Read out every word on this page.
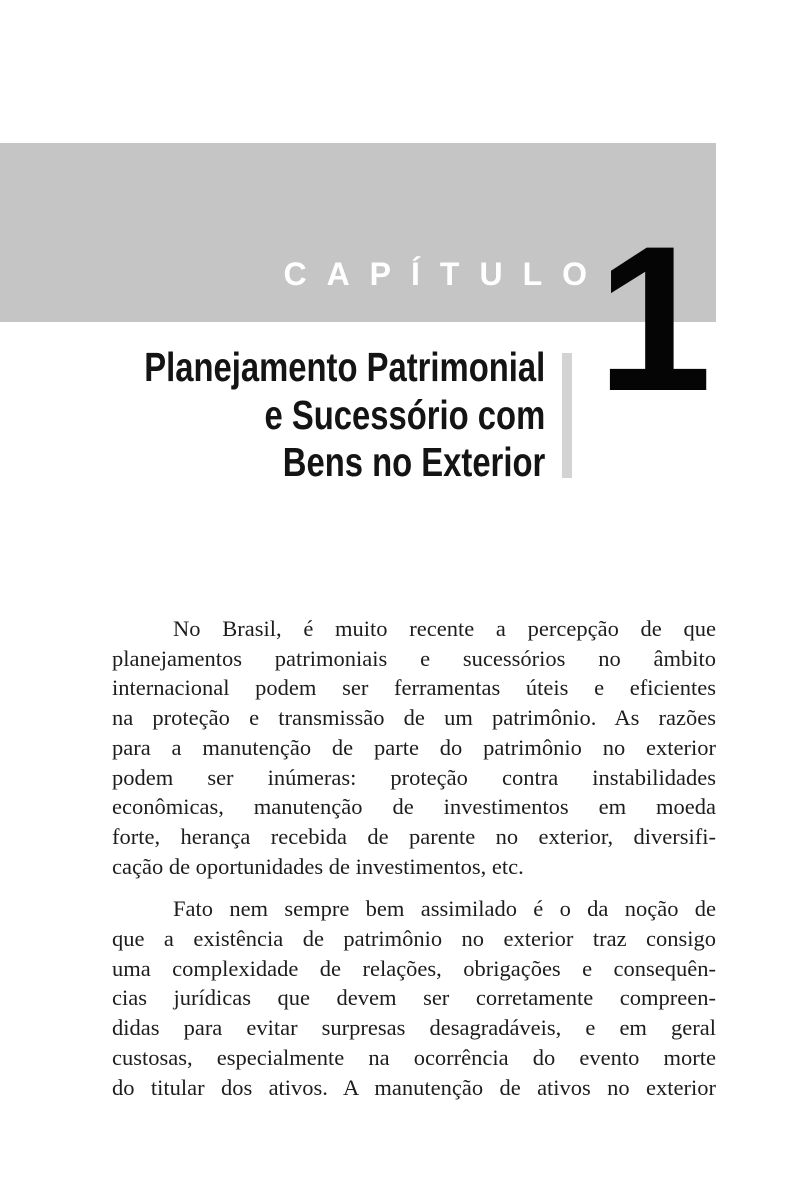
CAPÍTULO
1
Planejamento Patrimonial
e Sucessório com
Bens no Exterior
No Brasil, é muito recente a percepção de que
planejamentos patrimoniais e sucessórios no âmbito
internacional podem ser ferramentas úteis e eficientes
na proteção e transmissão de um patrimônio. As razões
para a manutenção de parte do patrimônio no exterior
podem ser inúmeras: proteção contra instabilidades
econômicas, manutenção de investimentos em moeda
forte, herança recebida de parente no exterior, diversifi-
cação de oportunidades de investimentos, etc.
Fato nem sempre bem assimilado é o da noção de
que a existência de patrimônio no exterior traz consigo
uma complexidade de relações, obrigações e consequên-
cias jurídicas que devem ser corretamente compreen-
didas para evitar surpresas desagradáveis, e em geral
custosas, especialmente na ocorrência do evento morte
do titular dos ativos. A manutenção de ativos no exterior
